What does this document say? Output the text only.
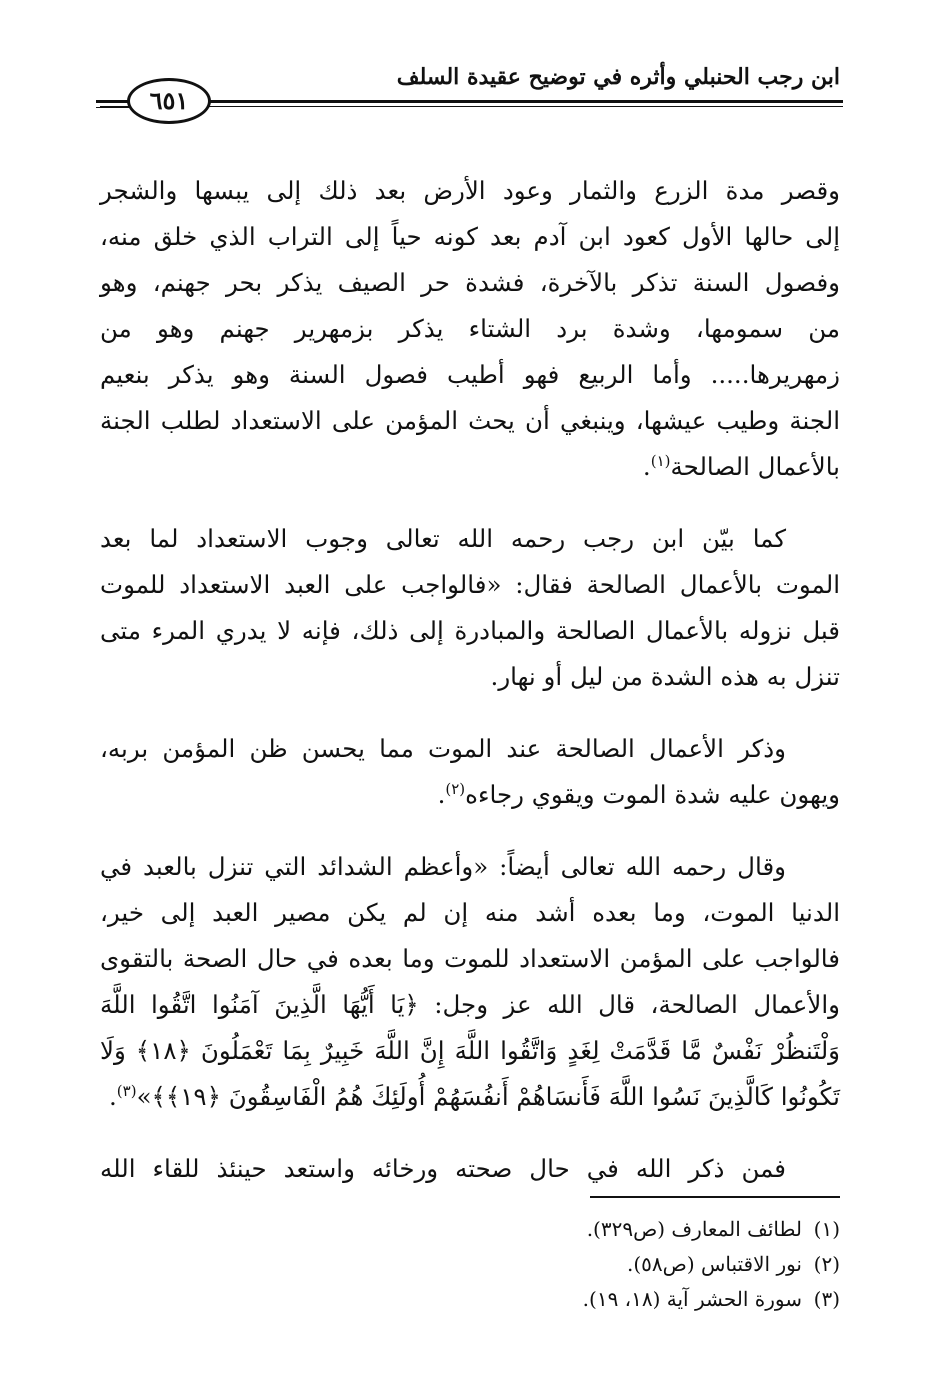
ابن رجب الحنبلي وأثره في توضيح عقيدة السلف
٦٥١
وقصر مدة الزرع والثمار وعود الأرض بعد ذلك إلى يبسها والشجر
إلى حالها الأول كعود ابن آدم بعد كونه حياً إلى التراب الذي خلق منه،
وفصول السنة تذكر بالآخرة، فشدة حر الصيف يذكر بحر جهنم، وهو
من سمومها، وشدة برد الشتاء يذكر بزمهرير جهنم وهو من
زمهريرها..... وأما الربيع فهو أطيب فصول السنة وهو يذكر بنعيم
الجنة وطيب عيشها، وينبغي أن يحث المؤمن على الاستعداد لطلب الجنة
بالأعمال الصالحة$^{(١)}$.
كما بيّن ابن رجب رحمه الله تعالى وجوب الاستعداد لما بعد
الموت بالأعمال الصالحة فقال: «فالواجب على العبد الاستعداد للموت
قبل نزوله بالأعمال الصالحة والمبادرة إلى ذلك، فإنه لا يدري المرء متى
تنزل به هذه الشدة من ليل أو نهار.
وذكر الأعمال الصالحة عند الموت مما يحسن ظن المؤمن بربه،
ويهون عليه شدة الموت ويقوي رجاءه$^{(٢)}$.
وقال رحمه الله تعالى أيضاً: «وأعظم الشدائد التي تنزل بالعبد في
الدنيا الموت، وما بعده أشد منه إن لم يكن مصير العبد إلى خير،
فالواجب على المؤمن الاستعداد للموت وما بعده في حال الصحة بالتقوى
والأعمال الصالحة، قال الله عز وجل: ﴿يَا أَيُّهَا الَّذِينَ آمَنُوا اتَّقُوا اللَّهَ
وَلْتَنظُرْ نَفْسٌ مَّا قَدَّمَتْ لِغَدٍ وَاتَّقُوا اللَّهَ إِنَّ اللَّهَ خَبِيرٌ بِمَا تَعْمَلُونَ ﴿١٨﴾ وَلَا
تَكُونُوا كَالَّذِينَ نَسُوا اللَّهَ فَأَنسَاهُمْ أَنفُسَهُمْ أُولَئِكَ هُمُ الْفَاسِقُونَ ﴿١٩﴾﴾»$^{(٣)}$.
فمن ذكر الله في حال صحته ورخائه واستعد حينئذ للقاء الله
(١)لطائف المعارف (ص٣٢٩).
(٢)نور الاقتباس (ص٥٨).
(٣)سورة الحشر آية (١٨، ١٩).
